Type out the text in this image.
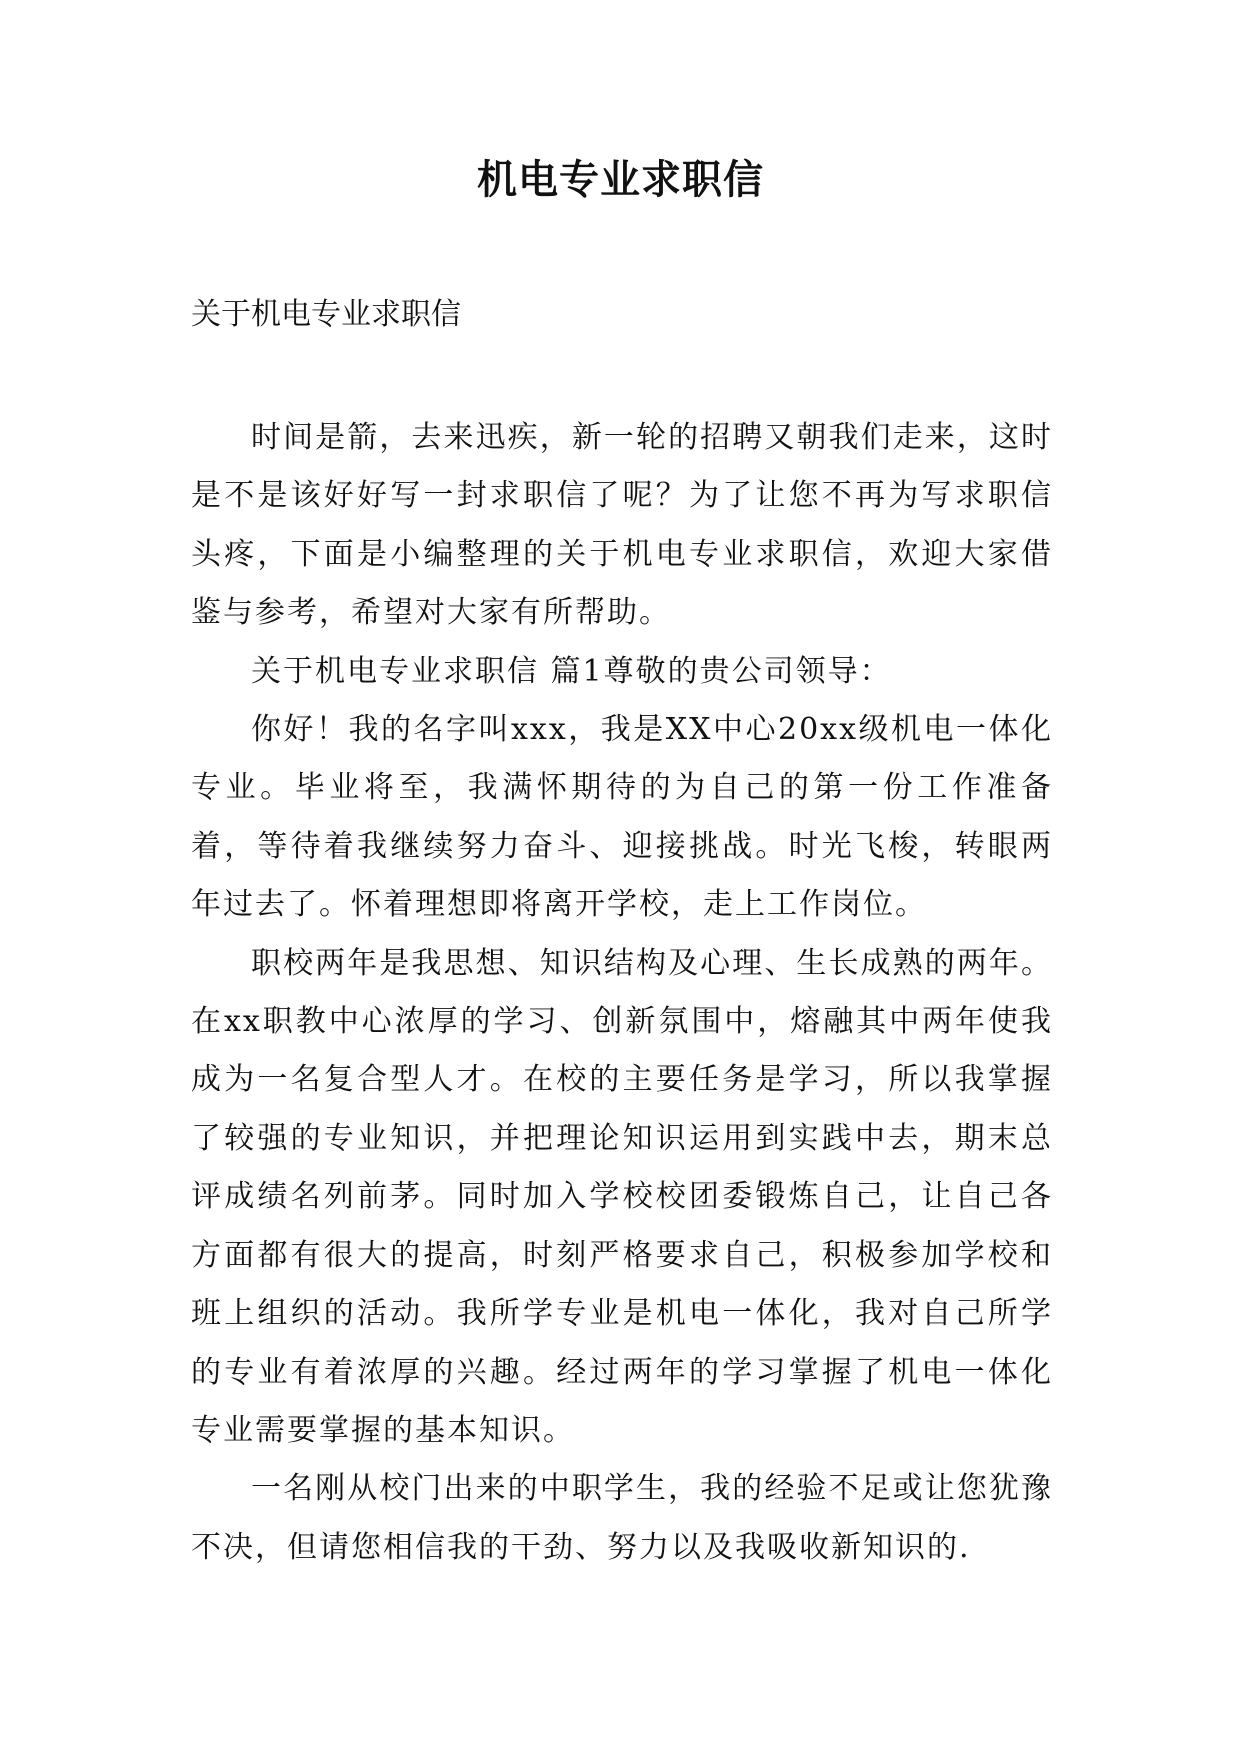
机电专业求职信
关于机电专业求职信

时间是箭，去来迅疾，新一轮的招聘又朝我们走来，这时是不是该好好写一封求职信了呢？为了让您不再为写求职信头疼，下面是小编整理的关于机电专业求职信，欢迎大家借鉴与参考，希望对大家有所帮助。

关于机电专业求职信 篇1尊敬的贵公司领导：

你好！我的名字叫xxx，我是XX中心20xx级机电一体化专业。毕业将至，我满怀期待的为自己的第一份工作准备着，等待着我继续努力奋斗、迎接挑战。时光飞梭，转眼两年过去了。怀着理想即将离开学校，走上工作岗位。

职校两年是我思想、知识结构及心理、生长成熟的两年。在xx职教中心浓厚的学习、创新氛围中，熔融其中两年使我成为一名复合型人才。在校的主要任务是学习，所以我掌握了较强的专业知识，并把理论知识运用到实践中去，期末总评成绩名列前茅。同时加入学校校团委锻炼自己，让自己各方面都有很大的提高，时刻严格要求自己，积极参加学校和班上组织的活动。我所学专业是机电一体化，我对自己所学的专业有着浓厚的兴趣。经过两年的学习掌握了机电一体化专业需要掌握的基本知识。

一名刚从校门出来的中职学生，我的经验不足或让您犹豫不决，但请您相信我的干劲、努力以及我吸收新知识的.
